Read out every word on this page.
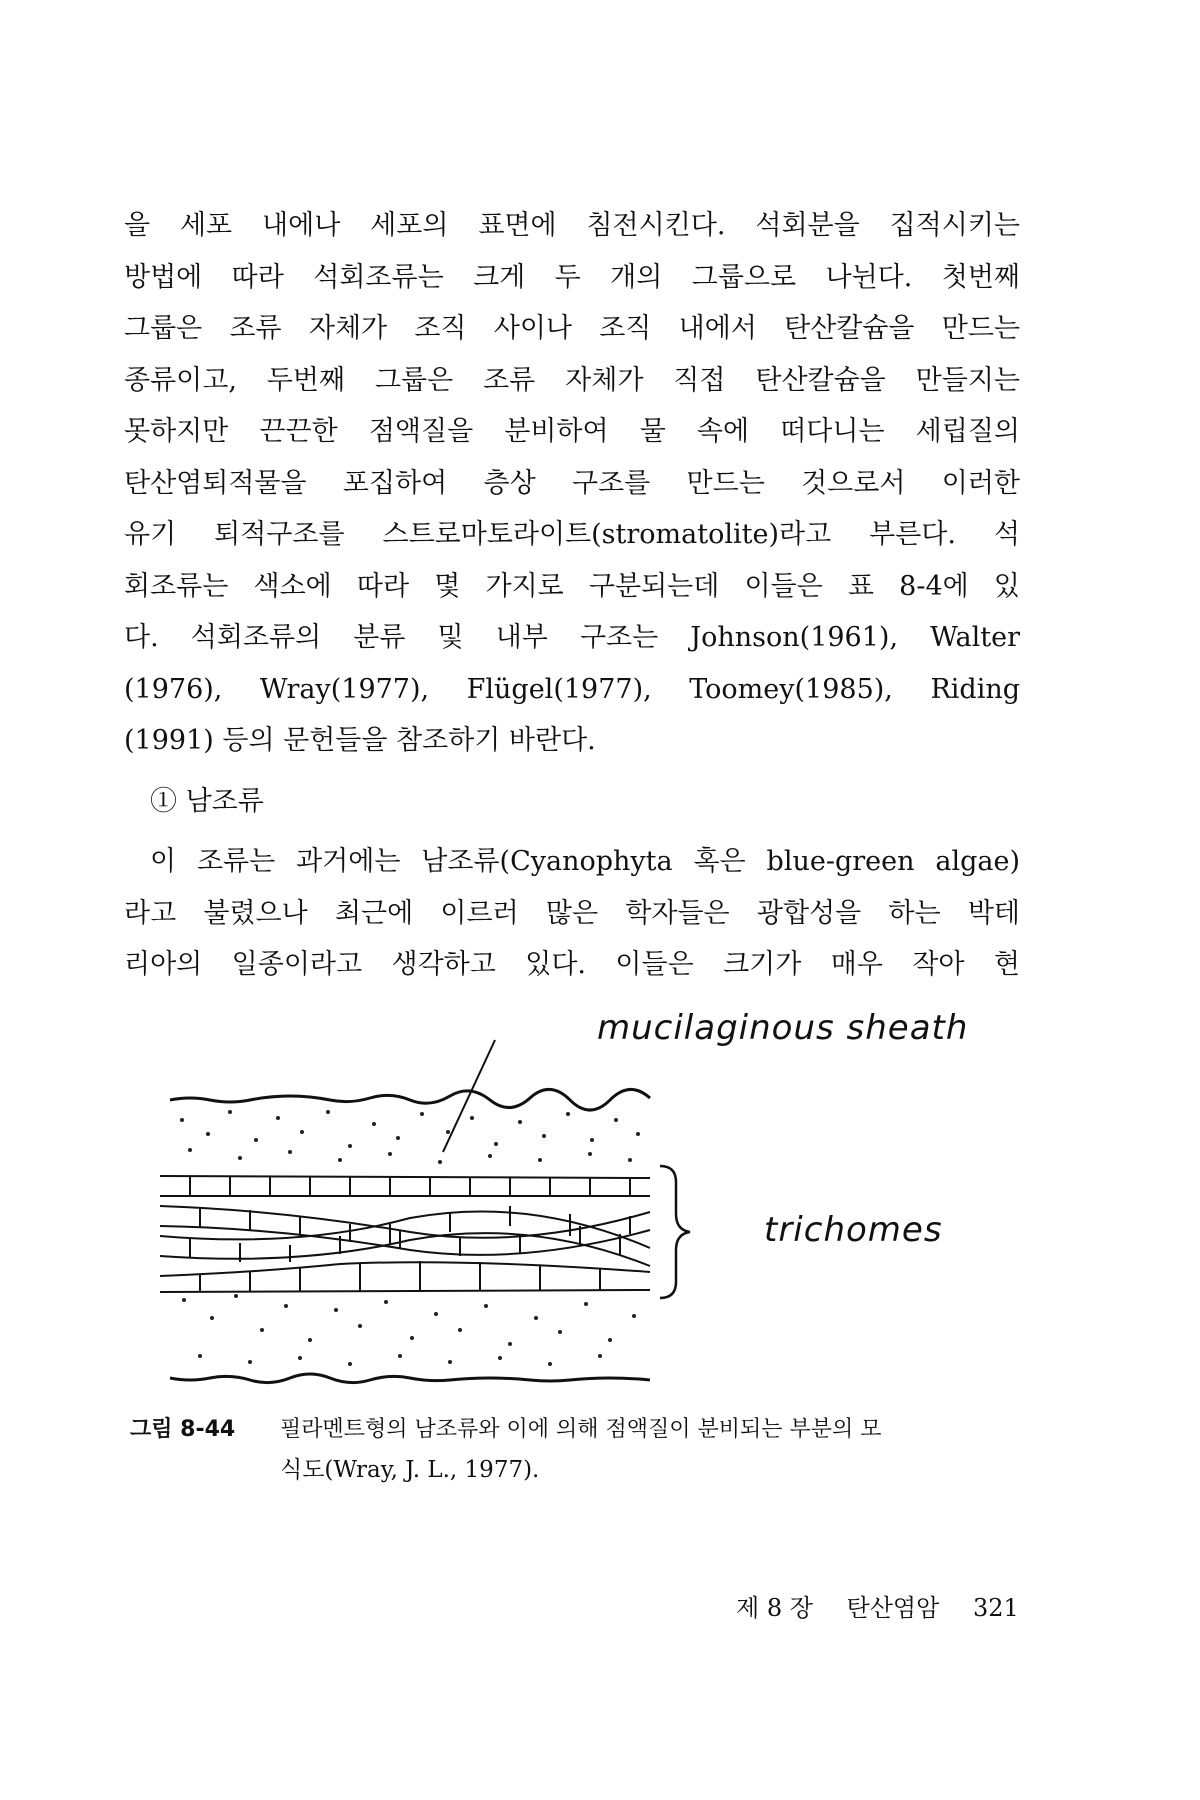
을 세포 내에나 세포의 표면에 침전시킨다. 석회분을 집적시키는
방법에 따라 석회조류는 크게 두 개의 그룹으로 나뉜다. 첫번째
그룹은 조류 자체가 조직 사이나 조직 내에서 탄산칼슘을 만드는
종류이고, 두번째 그룹은 조류 자체가 직접 탄산칼슘을 만들지는
못하지만 끈끈한 점액질을 분비하여 물 속에 떠다니는 세립질의
탄산염퇴적물을 포집하여 층상 구조를 만드는 것으로서 이러한
유기 퇴적구조를 스트로마토라이트(stromatolite)라고 부른다. 석
회조류는 색소에 따라 몇 가지로 구분되는데 이들은 표 8-4에 있
다. 석회조류의 분류 및 내부 구조는 Johnson(1961), Walter
(1976), Wray(1977), Flügel(1977), Toomey(1985), Riding
(1991) 등의 문헌들을 참조하기 바란다.
① 남조류
이 조류는 과거에는 남조류(Cyanophyta 혹은 blue-green algae)
라고 불렸으나 최근에 이르러 많은 학자들은 광합성을 하는 박테
리아의 일종이라고 생각하고 있다. 이들은 크기가 매우 작아 현
mucilaginous sheath
trichomes
그림 8-44 필라멘트형의 남조류와 이에 의해 점액질이 분비되는 부분의 모
식도(Wray, J. L., 1977).
제 8 장 탄산염암 321
